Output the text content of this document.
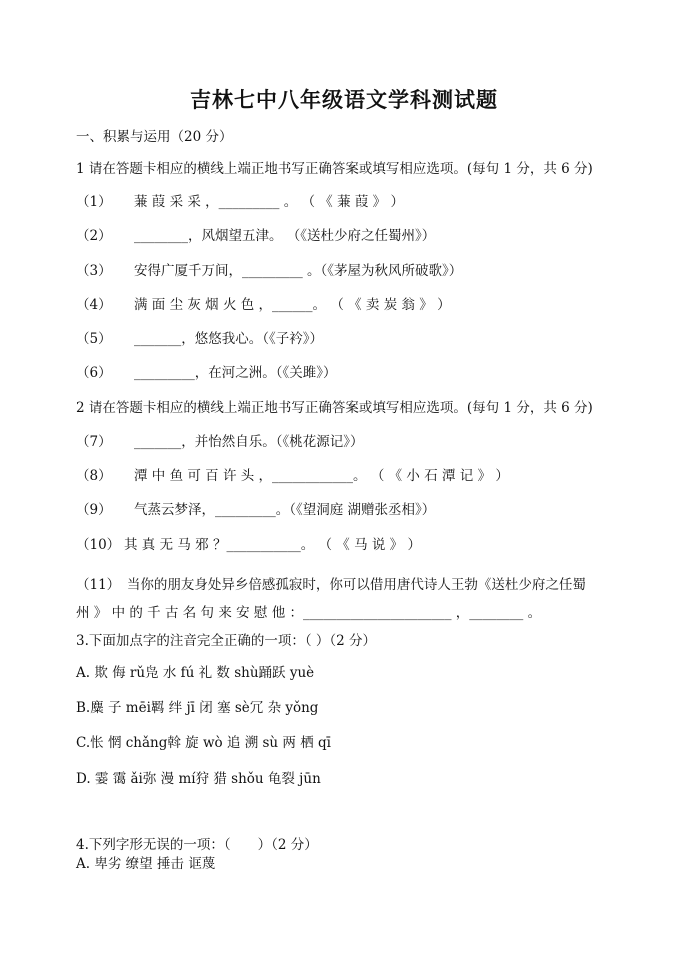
吉林七中八年级语文学科测试题
一、积累与运用（20 分）
1 请在答题卡相应的横线上端正地书写正确答案或填写相应选项。(每句 1 分，共 6 分)
（1） 蒹 葭 采 采 ，_________ 。 （ 《 蒹 葭 》 ）
（2） ________，风烟望五津。 （《送杜少府之任蜀州》）
（3） 安得广厦千万间，_________ 。（《茅屋为秋风所破歌》）
（4） 满 面 尘 灰 烟 火 色 ，______。 （ 《 卖 炭 翁 》 ）
（5） _______，悠悠我心。（《子衿》）
（6） _________，在河之洲。（《关雎》）
2 请在答题卡相应的横线上端正地书写正确答案或填写相应选项。(每句 1 分，共 6 分)
（7） _______，并怡然自乐。（《桃花源记》）
（8） 潭 中 鱼 可 百 许 头 ，____________。 （ 《 小 石 潭 记 》 ）
（9） 气蒸云梦泽，_________。（《望洞庭 湖赠张丞相》）
（10） 其 真 无 马 邪 ？___________。 （ 《 马 说 》 ）
（11）　当你的朋友身处异乡倍感孤寂时，你可以借用唐代诗人王勃《送杜少府之任蜀
州 》 中 的 千 古 名 句 来 安 慰 他 ：______________________ ，________ 。
3.下面加点字的注音完全正确的一项：（ ）（2 分）
A. 欺 侮 rǔ凫 水 fú 礼 数 shù踊跃 yuè
B.麋 子 mēi羁 绊 jī 闭 塞 sè冗 杂 yǒng
C.怅 惘 chǎng斡 旋 wò 追 溯 sù 两 栖 qī
D. 霎 霭 ǎi弥 漫 mí狩 猎 shǒu 龟裂 jūn
4.下列字形无误的一项：（　　）（2 分）
A. 卑劣 缭望 捶击 诓蔑
